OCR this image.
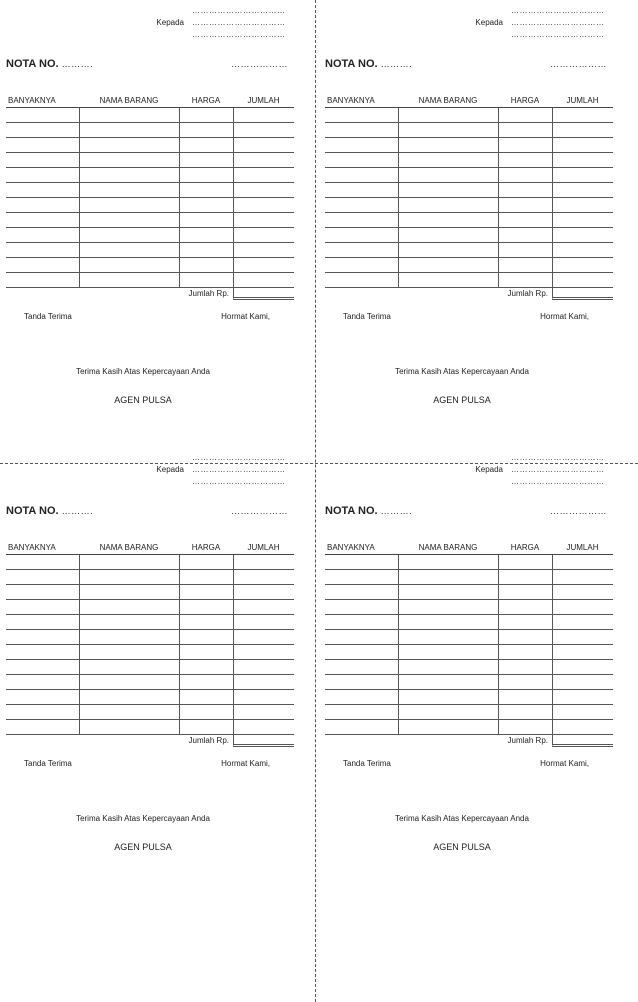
……………………………
Kepada ……………………………
……………………………
NOTA NO. ……….	………………
BANYAKNYA	NAMA BARANG	HARGA	JUMLAH

Jumlah Rp.
Tanda Terima	Hormat Kami,
Terima Kasih Atas Kepercayaan Anda
AGEN PULSA
……………………………
Kepada ……………………………
……………………………
NOTA NO. ……….	………………
BANYAKNYA	NAMA BARANG	HARGA	JUMLAH

Jumlah Rp.
Tanda Terima	Hormat Kami,
Terima Kasih Atas Kepercayaan Anda
AGEN PULSA
……………………………
Kepada ……………………………
……………………………
NOTA NO. ……….	………………
BANYAKNYA	NAMA BARANG	HARGA	JUMLAH

Jumlah Rp.
Tanda Terima	Hormat Kami,
Terima Kasih Atas Kepercayaan Anda
AGEN PULSA
……………………………
Kepada ……………………………
……………………………
NOTA NO. ……….	………………
BANYAKNYA	NAMA BARANG	HARGA	JUMLAH

Jumlah Rp.
Tanda Terima	Hormat Kami,
Terima Kasih Atas Kepercayaan Anda
AGEN PULSA
